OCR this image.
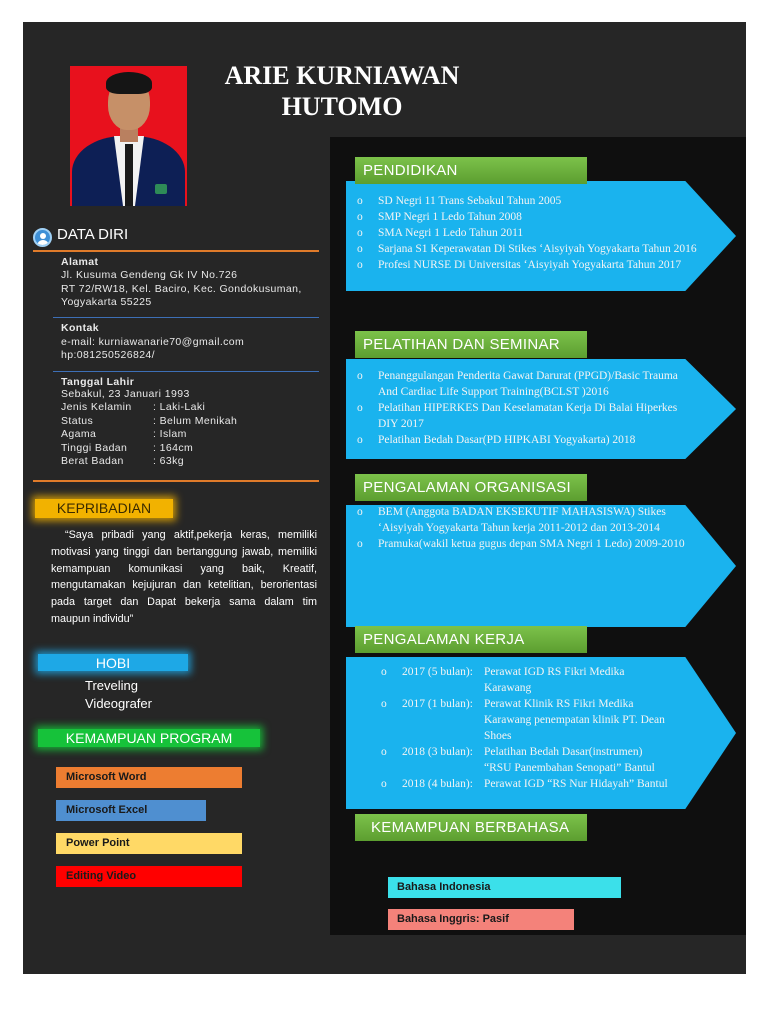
ARIE KURNIAWAN HUTOMO
DATA DIRI
Alamat
Jl. Kusuma Gendeng Gk IV No.726
RT 72/RW18, Kel. Baciro, Kec. Gondokusuman,
Yogyakarta 55225
Kontak
e-mail: kurniawanarie70@gmail.com
hp:081250526824/
Tanggal Lahir
Sebakul, 23 Januari 1993
Jenis Kelamin : Laki-Laki
Status	: Belum Menikah
Agama	: Islam
Tinggi Badan : 164cm
Berat Badan	: 63kg
KEPRIBADIAN
“Saya pribadi yang aktif,pekerja keras, memiliki motivasi yang tinggi dan bertanggung jawab, memiliki kemampuan komunikasi yang baik, Kreatif, mengutamakan kejujuran dan ketelitian, berorientasi pada target dan Dapat bekerja sama dalam tim maupun individu”
HOBI
Treveling
Videografer
KEMAMPUAN PROGRAM
Microsoft Word
Microsoft Excel
Power Point
Editing Video
PENDIDIKAN
o SD Negri 11 Trans Sebakul Tahun 2005
o SMP Negri 1 Ledo Tahun 2008
o SMA Negri 1 Ledo Tahun 2011
o Sarjana S1 Keperawatan Di Stikes ‘Aisyiyah Yogyakarta Tahun 2016
o Profesi NURSE Di Universitas ‘Aisyiyah Yogyakarta Tahun 2017
PELATIHAN DAN SEMINAR
o Penanggulangan Penderita Gawat Darurat (PPGD)/Basic Trauma And Cardiac Life Support Training(BCLST )2016
o Pelatihan HIPERKES Dan Keselamatan Kerja Di Balai Hiperkes DIY 2017
o Pelatihan Bedah Dasar(PD HIPKABI Yogyakarta) 2018
PENGALAMAN ORGANISASI
o BEM (Anggota BADAN EKSEKUTIF MAHASISWA) Stikes ‘Aisyiyah Yogyakarta Tahun kerja 2011-2012 dan 2013-2014
o Pramuka(wakil ketua gugus depan SMA Negri 1 Ledo) 2009-2010
PENGALAMAN KERJA
o 2017 (5 bulan): Perawat IGD RS Fikri Medika Karawang
o 2017 (1 bulan): Perawat Klinik RS Fikri Medika Karawang penempatan klinik PT. Dean Shoes
o 2018 (3 bulan): Pelatihan Bedah Dasar(instrumen) “RSU Panembahan Senopati” Bantul
o 2018 (4 bulan): Perawat IGD “RS Nur Hidayah” Bantul
KEMAMPUAN BERBAHASA
Bahasa Indonesia
Bahasa Inggris: Pasif
